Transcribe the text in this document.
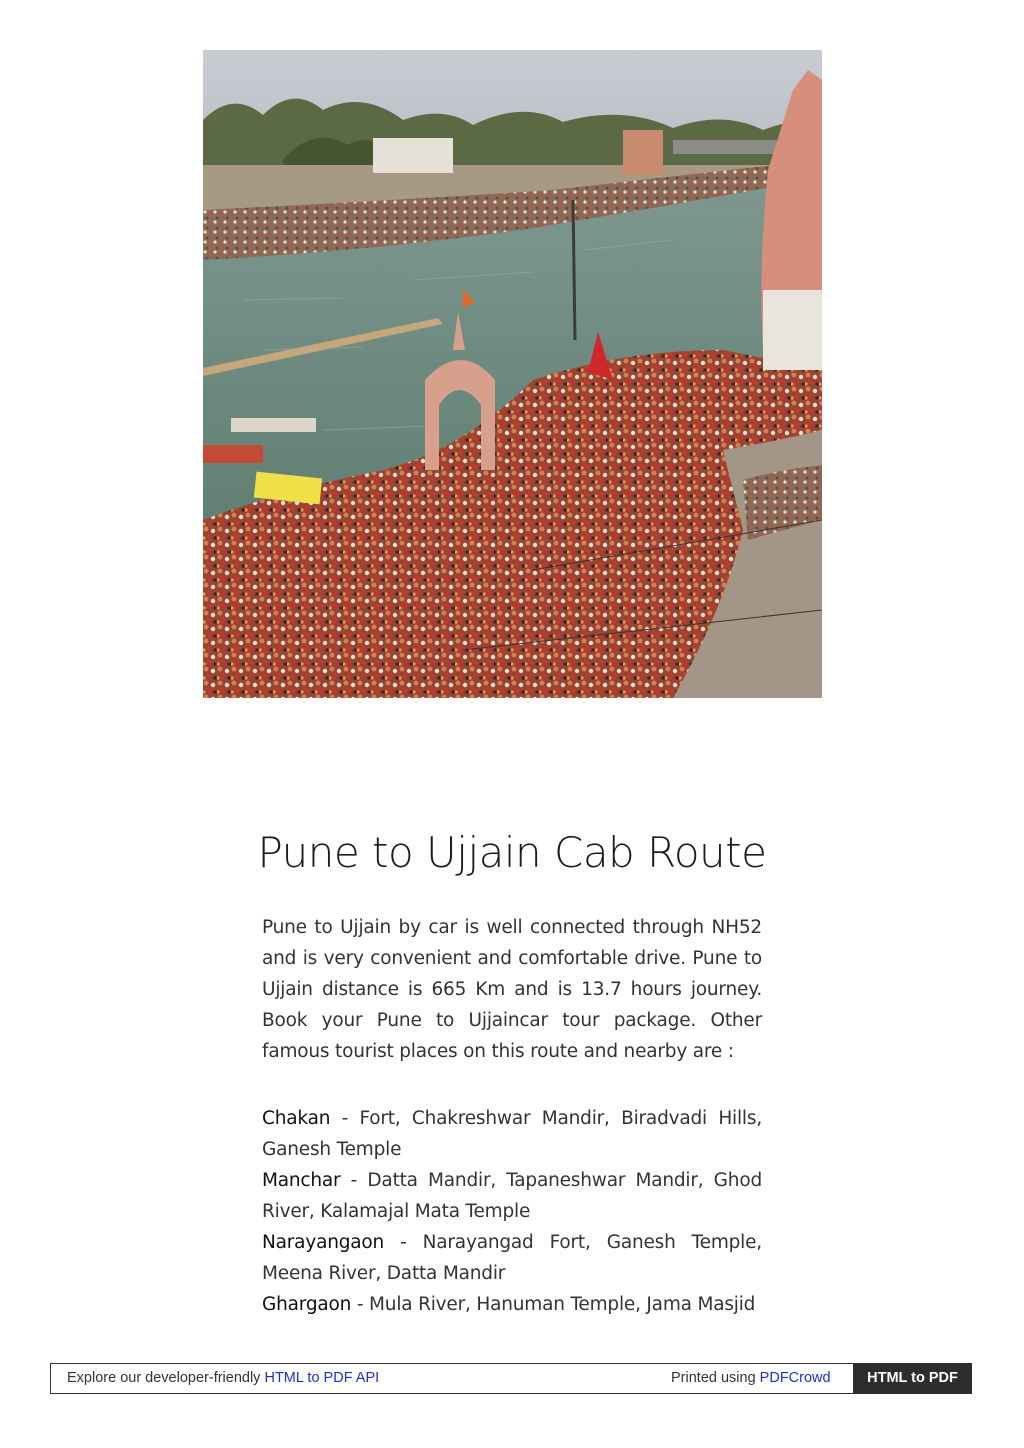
Pune to Ujjain Cab Route

Pune to Ujjain by car is well connected through NH52 and is very convenient and comfortable drive. Pune to Ujjain distance is 665 Km and is 13.7 hours journey. Book your Pune to Ujjaincar tour package. Other famous tourist places on this route and nearby are :

Chakan - Fort, Chakreshwar Mandir, Biradvadi Hills, Ganesh Temple

Manchar - Datta Mandir, Tapaneshwar Mandir, Ghod River, Kalamajal Mata Temple

Narayangaon - Narayangad Fort, Ganesh Temple, Meena River, Datta Mandir

Ghargaon - Mula River, Hanuman Temple, Jama Masjid

Explore our developer-friendly HTML to PDF API	Printed using PDFCrowd	HTML to PDF
